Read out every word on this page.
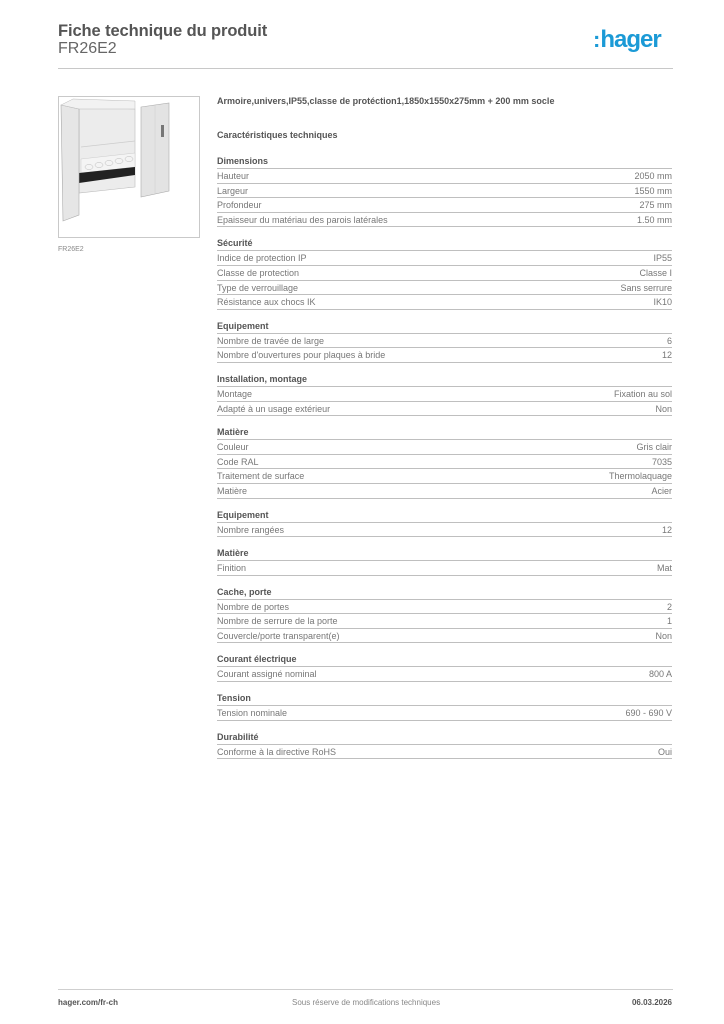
Fiche technique du produit
FR26E2	:hager
FR26E2
Armoire,univers,IP55,classe de protéction1,1850x1550x275mm + 200 mm socle
Caractéristiques techniques
Dimensions
Hauteur	2050 mm
Largeur	1550 mm
Profondeur	275 mm
Epaisseur du matériau des parois latérales	1.50 mm
Sécurité
Indice de protection IP	IP55
Classe de protection	Classe I
Type de verrouillage	Sans serrure
Résistance aux chocs IK	IK10
Equipement
Nombre de travée de large	6
Nombre d'ouvertures pour plaques à bride	12
Installation, montage
Montage	Fixation au sol
Adapté à un usage extérieur	Non
Matière
Couleur	Gris clair
Code RAL	7035
Traitement de surface	Thermolaquage
Matière	Acier
Equipement
Nombre rangées	12
Matière
Finition	Mat
Cache, porte
Nombre de portes	2
Nombre de serrure de la porte	1
Couvercle/porte transparent(e)	Non
Courant électrique
Courant assigné nominal	800 A
Tension
Tension nominale	690 - 690 V
Durabilité
Conforme à la directive RoHS	Oui
hager.com/fr-ch	Sous réserve de modifications techniques	06.03.2026
